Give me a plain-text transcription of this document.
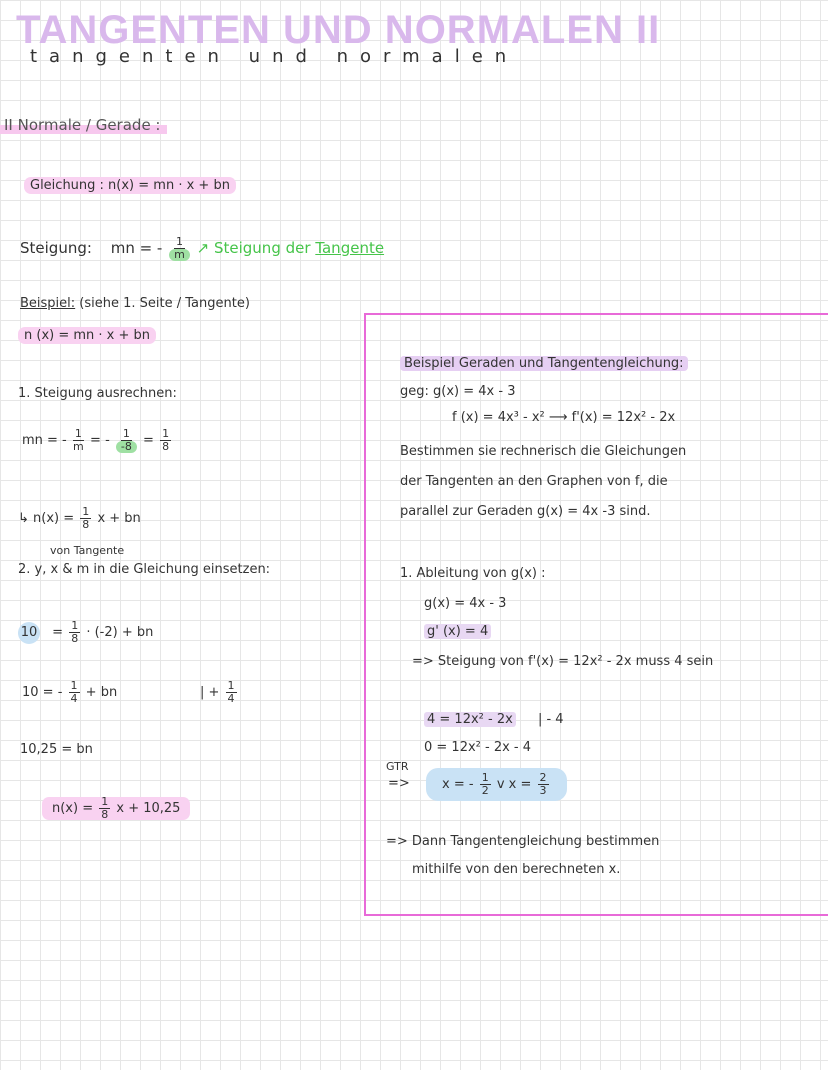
TANGENTEN UND NORMALEN II
tangenten und normalen
II Normale / Gerade :
Gleichung : n(x) = mn · x + bn
Steigung: mn = - $\frac{1}{m}$ ↗ Steigung der Tangente
Beispiel: (siehe 1. Seite / Tangente)
n (x) = mn · x + bn
1. Steigung ausrechnen:
mn = - $\frac{1}{m}$ = - $\frac{1}{-8} = \frac{1}{8}$
↳ $n(x) = \frac{1}{8}$ x + bn
von Tangente
2. y, x & m in die Gleichung einsetzen:
$10 = \frac{1}{8} \cdot (-2)$ + bn
10 = - $\frac{1}{4}$ + bn	| + $\frac{1}{4}$
10,25 = bn
$n(x) = \frac{1}{8}$ x + 10,25
Beispiel Geraden und Tangentengleichung:
geg: g(x) = 4x - 3
f (x) = 4x³ - x² ⟶ f'(x) = 12x² - 2x
Bestimmen sie rechnerisch die Gleichungen
der Tangenten an den Graphen von f, die
parallel zur Geraden g(x) = 4x -3 sind.
1. Ableitung von g(x) :
g(x) = 4x - 3
g' (x) = 4
=> Steigung von f'(x) = 12x² - 2x muss 4 sein
4 = 12x² - 2x | - 4
0 = 12x² - 2x - 4
GTR
=>	x = - $\frac{1}{2}$ v $x = \frac{2}{3}$
=> Dann Tangentengleichung bestimmen
mithilfe von den berechneten x.
